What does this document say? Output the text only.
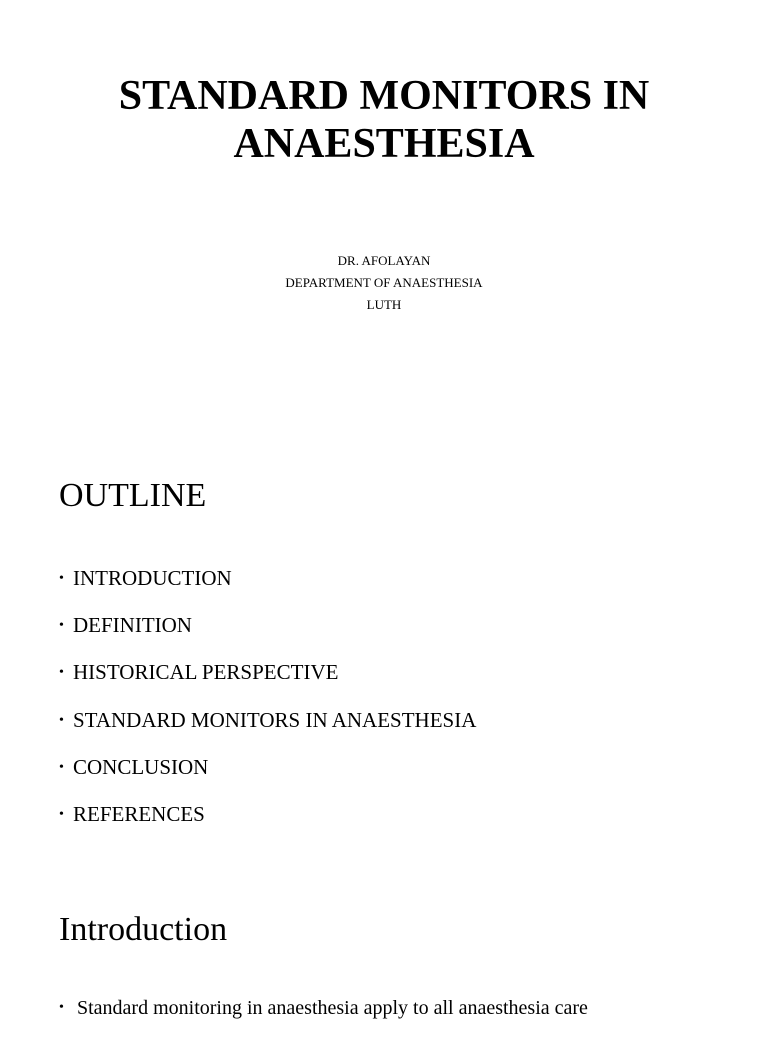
STANDARD MONITORS IN ANAESTHESIA
DR. AFOLAYAN
DEPARTMENT OF ANAESTHESIA
LUTH
OUTLINE
• INTRODUCTION
• DEFINITION
• HISTORICAL PERSPECTIVE
• STANDARD MONITORS IN ANAESTHESIA
• CONCLUSION
• REFERENCES
Introduction
• Standard monitoring in anaesthesia apply to all anaesthesia care
